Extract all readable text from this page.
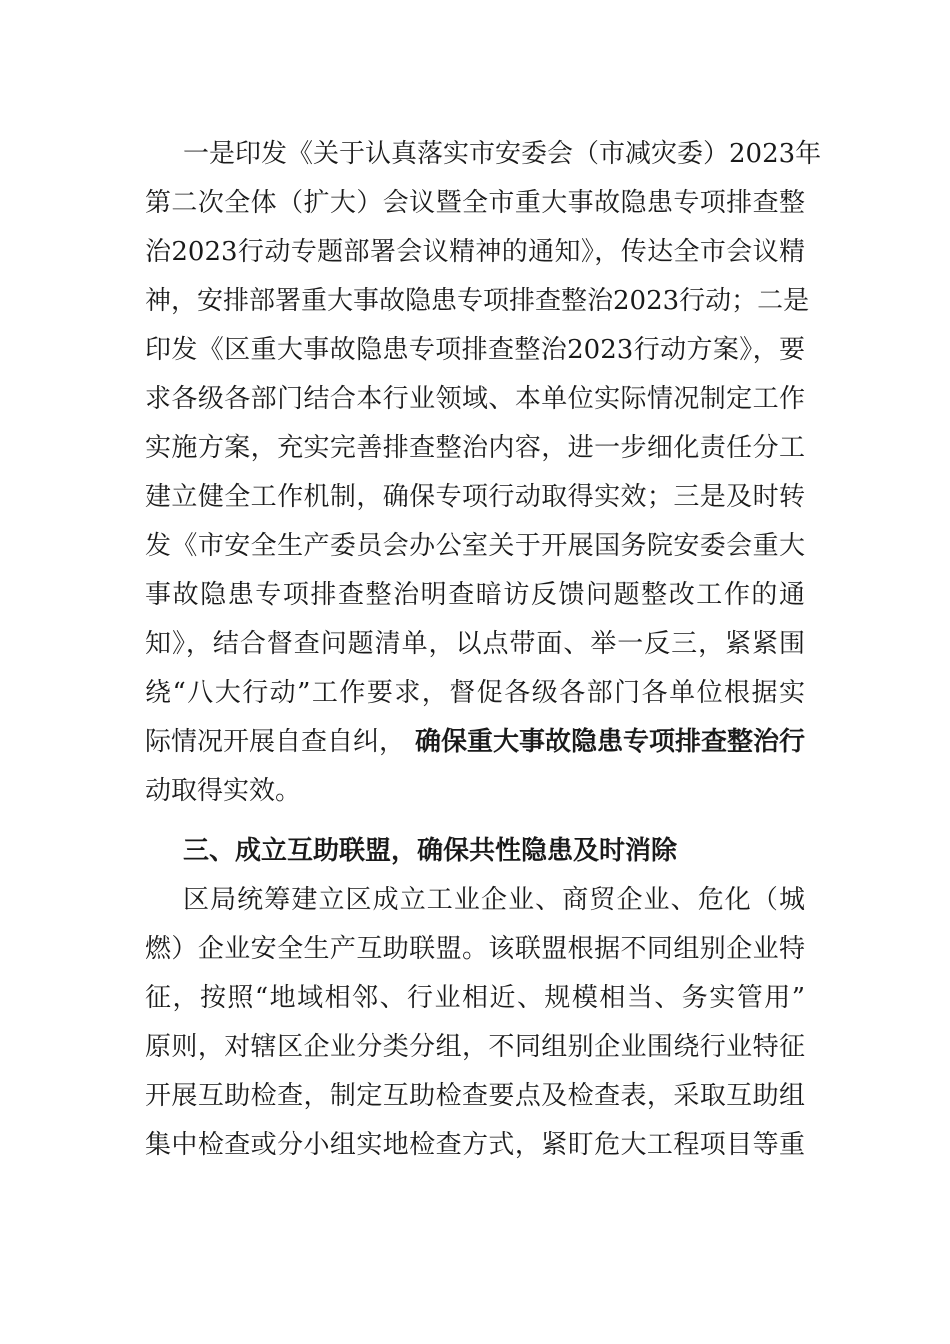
一是印发《关于认真落实市安委会（市减灾委）2023年
第二次全体（扩大）会议暨全市重大事故隐患专项排查整
治2023行动专题部署会议精神的通知》，传达全市会议精
神，安排部署重大事故隐患专项排查整治2023行动；二是
印发《区重大事故隐患专项排查整治2023行动方案》，要
求各级各部门结合本行业领域、本单位实际情况制定工作
实施方案，充实完善排查整治内容，进一步细化责任分工
建立健全工作机制，确保专项行动取得实效；三是及时转
发《市安全生产委员会办公室关于开展国务院安委会重大
事故隐患专项排查整治明查暗访反馈问题整改工作的通
知》，结合督查问题清单，以点带面、举一反三，紧紧围
绕“八大行动”工作要求，督促各级各部门各单位根据实
际情况开展自查自纠， 确保重大事故隐患专项排查整治行
动取得实效。
三、成立互助联盟，确保共性隐患及时消除
区局统筹建立区成立工业企业、商贸企业、危化（城
燃）企业安全生产互助联盟。该联盟根据不同组别企业特
征，按照“地域相邻、行业相近、规模相当、务实管用”
原则，对辖区企业分类分组，不同组别企业围绕行业特征
开展互助检查，制定互助检查要点及检查表，采取互助组
集中检查或分小组实地检查方式，紧盯危大工程项目等重
